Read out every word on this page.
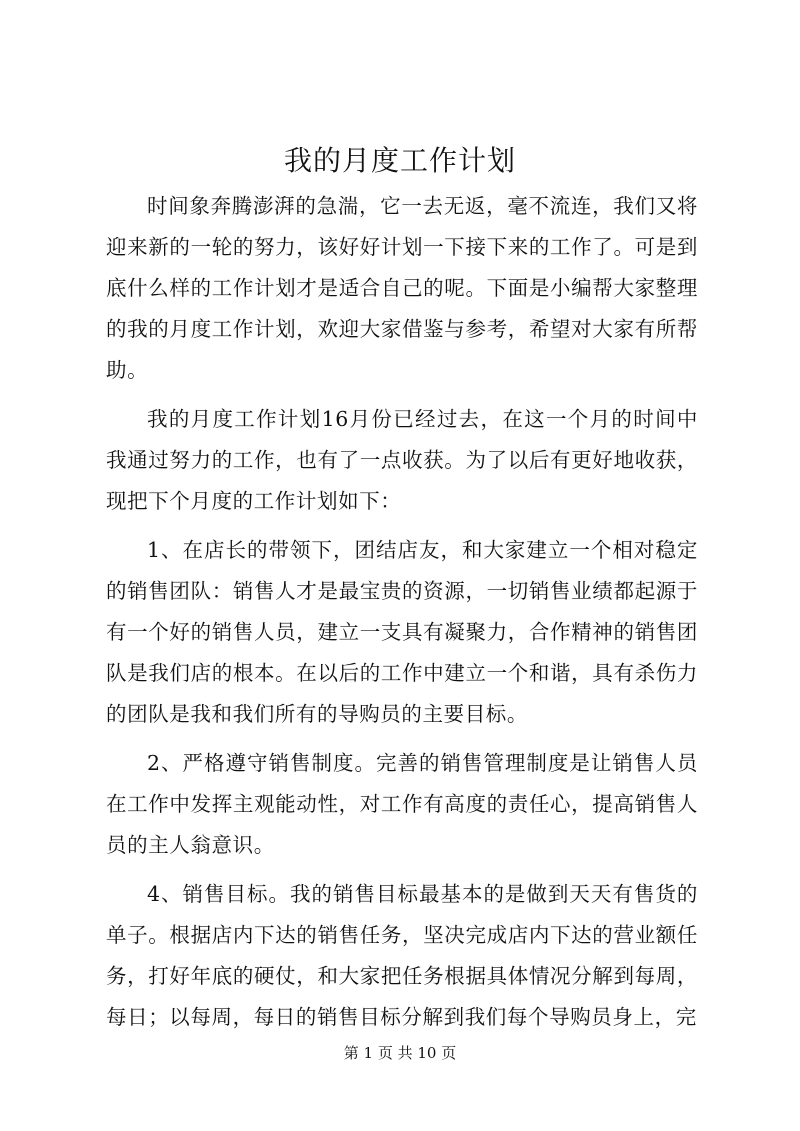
我的月度工作计划

时间象奔腾澎湃的急湍，它一去无返，毫不流连，我们又将迎来新的一轮的努力，该好好计划一下接下来的工作了。可是到底什么样的工作计划才是适合自己的呢。下面是小编帮大家整理的我的月度工作计划，欢迎大家借鉴与参考，希望对大家有所帮助。

我的月度工作计划16月份已经过去，在这一个月的时间中我通过努力的工作，也有了一点收获。为了以后有更好地收获，现把下个月度的工作计划如下：

1、在店长的带领下，团结店友，和大家建立一个相对稳定的销售团队：销售人才是最宝贵的资源，一切销售业绩都起源于有一个好的销售人员，建立一支具有凝聚力，合作精神的销售团队是我们店的根本。在以后的工作中建立一个和谐，具有杀伤力的团队是我和我们所有的导购员的主要目标。

2、严格遵守销售制度。完善的销售管理制度是让销售人员在工作中发挥主观能动性，对工作有高度的责任心，提高销售人员的主人翁意识。

4、销售目标。我的销售目标最基本的是做到天天有售货的单子。根据店内下达的销售任务，坚决完成店内下达的营业额任务，打好年底的硬仗，和大家把任务根据具体情况分解到每周，每日；以每周，每日的销售目标分解到我们每个导购员身上，完

第 1 页 共 10 页
